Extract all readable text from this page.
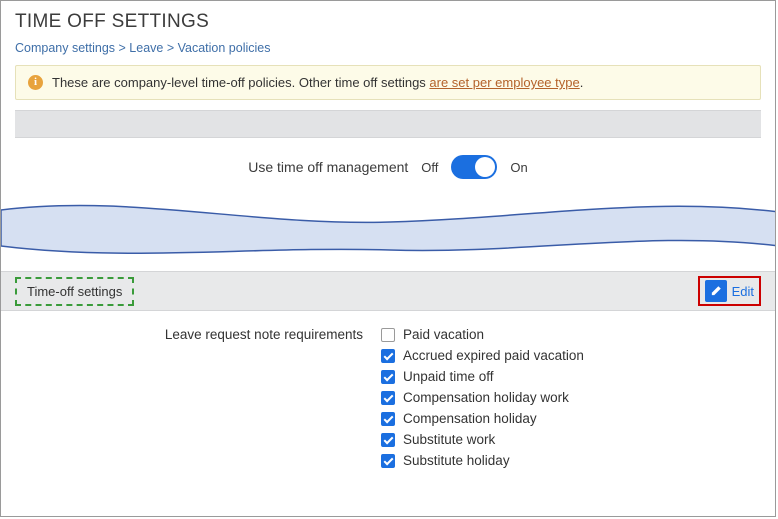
TIME OFF SETTINGS
Company settings > Leave > Vacation policies
i	These are company-level time-off policies. Other time off settings are set per employee type.
Use time off management Off	On
Time-off settings	Edit
Leave request note requirements	Paid vacation
Accrued expired paid vacation
Unpaid time off
Compensation holiday work
Compensation holiday
Substitute work
Substitute holiday
